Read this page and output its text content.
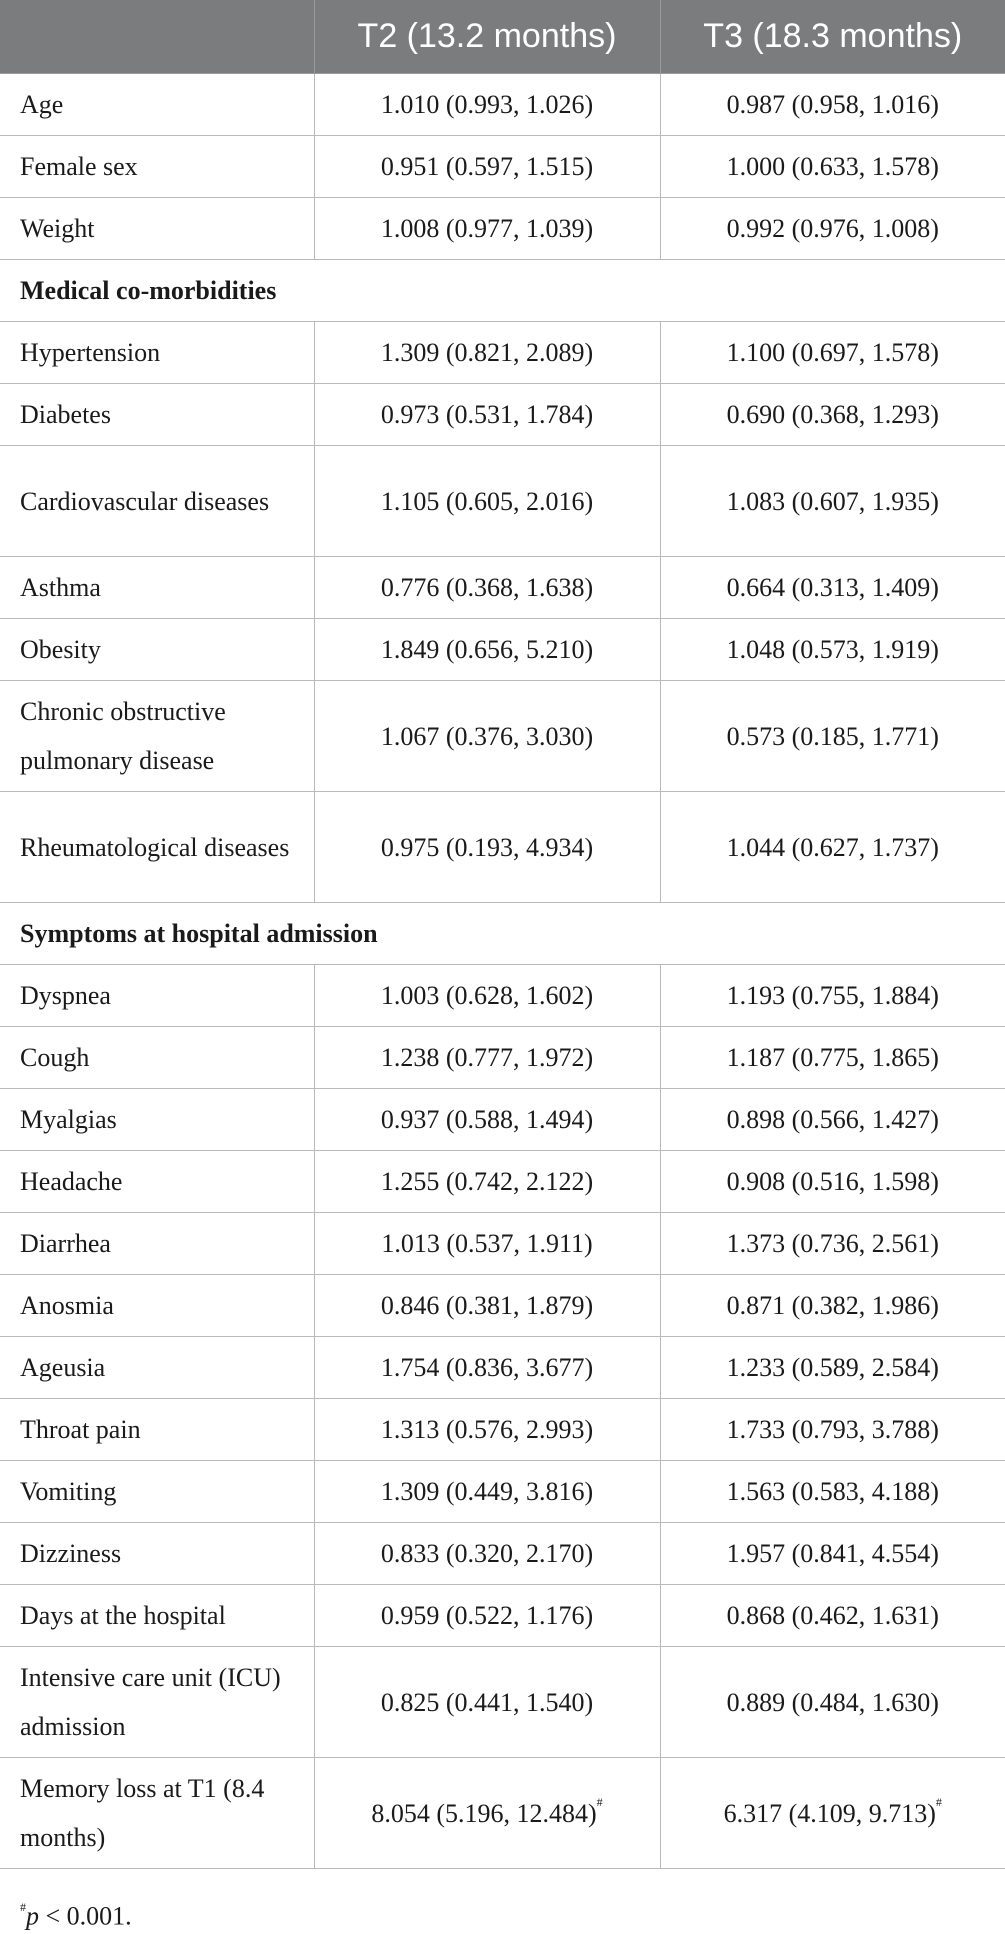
	T2 (13.2 months)	T3 (18.3 months)
Age	1.010 (0.993, 1.026)	0.987 (0.958, 1.016)
Female sex	0.951 (0.597, 1.515)	1.000 (0.633, 1.578)
Weight	1.008 (0.977, 1.039)	0.992 (0.976, 1.008)
Medical co-morbidities		
Hypertension	1.309 (0.821, 2.089)	1.100 (0.697, 1.578)
Diabetes	0.973 (0.531, 1.784)	0.690 (0.368, 1.293)
Cardiovascular diseases	1.105 (0.605, 2.016)	1.083 (0.607, 1.935)
Asthma	0.776 (0.368, 1.638)	0.664 (0.313, 1.409)
Obesity	1.849 (0.656, 5.210)	1.048 (0.573, 1.919)
Chronic obstructive pulmonary disease	1.067 (0.376, 3.030)	0.573 (0.185, 1.771)
Rheumatological diseases	0.975 (0.193, 4.934)	1.044 (0.627, 1.737)
Symptoms at hospital admission		
Dyspnea	1.003 (0.628, 1.602)	1.193 (0.755, 1.884)
Cough	1.238 (0.777, 1.972)	1.187 (0.775, 1.865)
Myalgias	0.937 (0.588, 1.494)	0.898 (0.566, 1.427)
Headache	1.255 (0.742, 2.122)	0.908 (0.516, 1.598)
Diarrhea	1.013 (0.537, 1.911)	1.373 (0.736, 2.561)
Anosmia	0.846 (0.381, 1.879)	0.871 (0.382, 1.986)
Ageusia	1.754 (0.836, 3.677)	1.233 (0.589, 2.584)
Throat pain	1.313 (0.576, 2.993)	1.733 (0.793, 3.788)
Vomiting	1.309 (0.449, 3.816)	1.563 (0.583, 4.188)
Dizziness	0.833 (0.320, 2.170)	1.957 (0.841, 4.554)
Days at the hospital	0.959 (0.522, 1.176)	0.868 (0.462, 1.631)
Intensive care unit (ICU) admission	0.825 (0.441, 1.540)	0.889 (0.484, 1.630)
Memory loss at T1 (8.4 months)	8.054 (5.196, 12.484)#	6.317 (4.109, 9.713)#
#p < 0.001.
